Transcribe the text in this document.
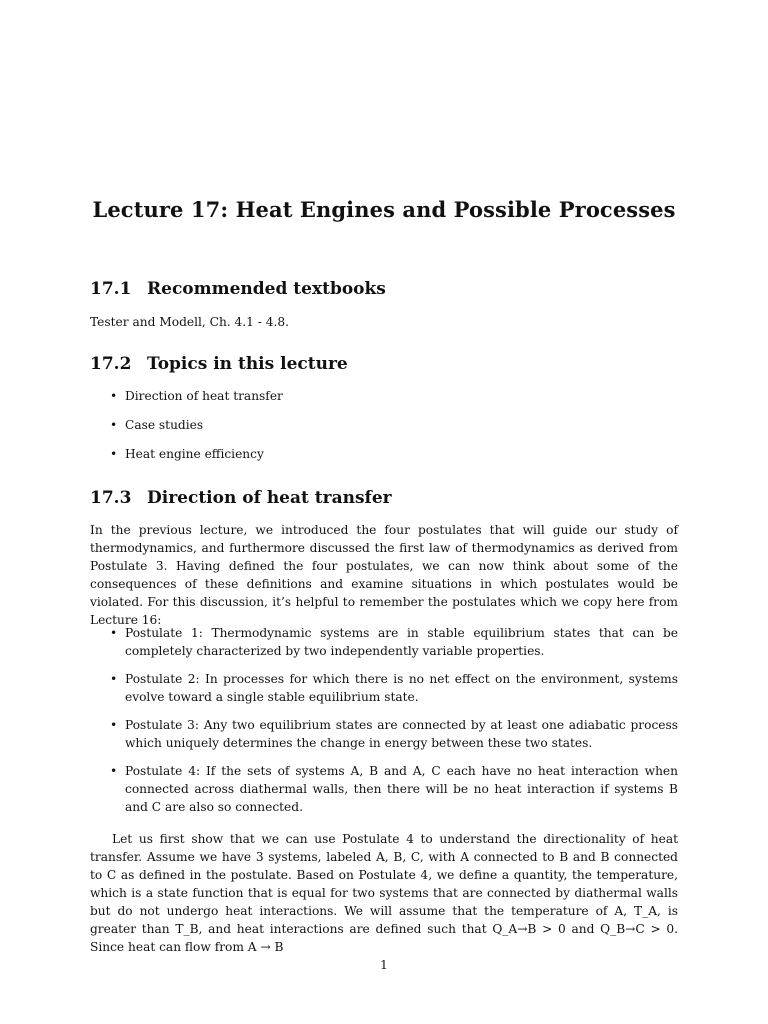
Lecture 17: Heat Engines and Possible Processes
17.1 Recommended textbooks
Tester and Modell, Ch. 4.1 - 4.8.
17.2 Topics in this lecture
• Direction of heat transfer
• Case studies
• Heat engine efficiency
17.3 Direction of heat transfer
In the previous lecture, we introduced the four postulates that will guide our study of thermodynamics, and furthermore discussed the first law of thermodynamics as derived from Postulate 3. Having defined the four postulates, we can now think about some of the consequences of these definitions and examine situations in which postulates would be violated. For this discussion, it’s helpful to remember the postulates which we copy here from Lecture 16:
• Postulate 1: Thermodynamic systems are in stable equilibrium states that can be completely characterized by two independently variable properties.
• Postulate 2: In processes for which there is no net effect on the environment, systems evolve toward a single stable equilibrium state.
• Postulate 3: Any two equilibrium states are connected by at least one adiabatic process which uniquely determines the change in energy between these two states.
• Postulate 4: If the sets of systems A, B and A, C each have no heat interaction when connected across diathermal walls, then there will be no heat interaction if systems B and C are also so connected.
Let us first show that we can use Postulate 4 to understand the directionality of heat transfer. Assume we have 3 systems, labeled A, B, C, with A connected to B and B connected to C as defined in the postulate. Based on Postulate 4, we define a quantity, the temperature, which is a state function that is equal for two systems that are connected by diathermal walls but do not undergo heat interactions. We will assume that the temperature of A, T_A, is greater than T_B, and heat interactions are defined such that Q_A→B > 0 and Q_B→C > 0. Since heat can flow from A → B
1
